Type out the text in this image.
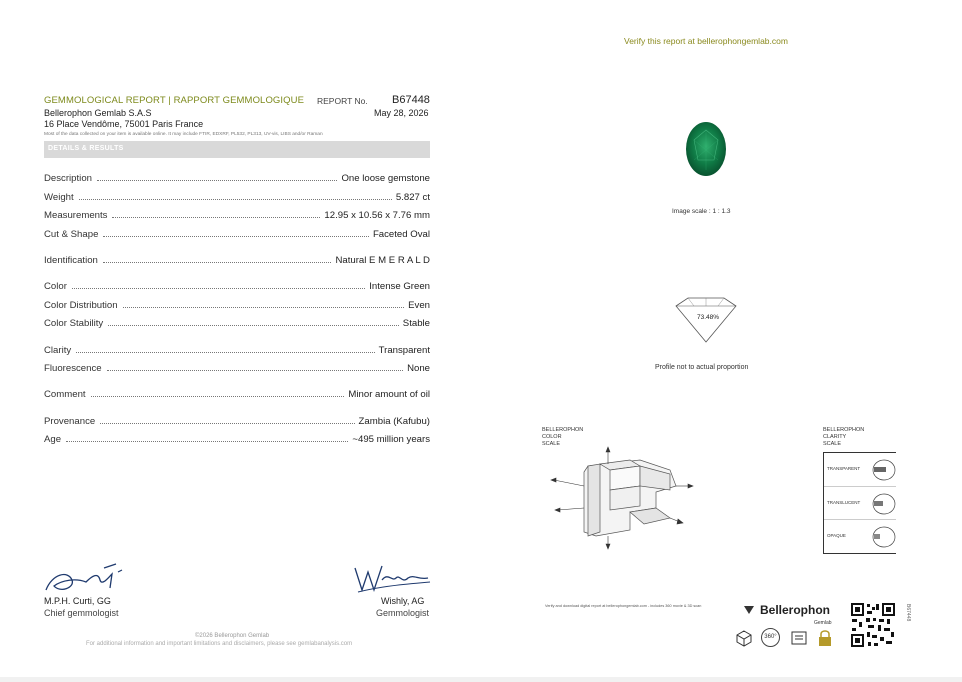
Verify this report at bellerophongemlab.com
GEMMOLOGICAL REPORT | RAPPORT GEMMOLOGIQUE REPORT No. B67448
Bellerophon Gemlab S.A.S	May 28, 2026
16 Place Vendôme, 75001 Paris France
Most of the data collected on your item is available online. It may include FTIR, EDXRF, PL532, PL313, UV-vis, LIBS and/or Raman
DETAILS & RESULTS
Description	One loose gemstone
Weight	5.827 ct
Measurements	12.95 x 10.56 x 7.76 mm
Cut & Shape	Faceted Oval
Identification	Natural E M E R A L D
Color	Intense Green
Color Distribution	Even
Color Stability	Stable
Clarity	Transparent
Fluorescence	None
Comment	Minor amount of oil
Provenance	Zambia (Kafubu)
Age	~495 million years
M.P.H. Curti, GG
Chief gemmologist
Wishly, AG
Gemmologist
©2026 Bellerophon Gemlab
For additional information and important limitations and disclaimers, please see gemlabanalysis.com
Image scale : 1 : 1.3
73.48%
Profile not to actual proportion
BELLEROPHON
COLOR
SCALE
BELLEROPHON
CLARITY
SCALE
TRANSPARENT
TRANSLUCENT
OPAQUE
Verify and download digital report at bellerophongemlab.com - includes 360 movie & 3D scan	Bellerophon
Gemlab
360°
B67448
